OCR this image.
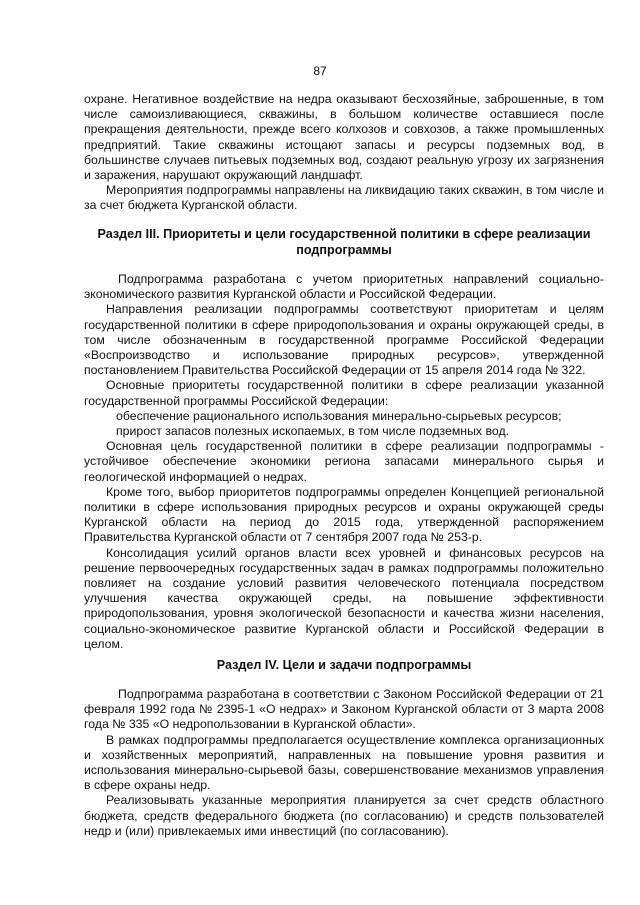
87

охране. Негативное воздействие на недра оказывают бесхозяйные, заброшенные, в том числе самоизливающиеся, скважины, в большом количестве оставшиеся после прекращения деятельности, прежде всего колхозов и совхозов, а также промышленных предприятий. Такие скважины истощают запасы и ресурсы подземных вод, в большинстве случаев питьевых подземных вод, создают реальную угрозу их загрязнения и заражения, нарушают окружающий ландшафт.

Мероприятия подпрограммы направлены на ликвидацию таких скважин, в том числе и за счет бюджета Курганской области.

Раздел III. Приоритеты и цели государственной политики в сфере реализации подпрограммы

Подпрограмма разработана с учетом приоритетных направлений социально-экономического развития Курганской области и Российской Федерации.

Направления реализации подпрограммы соответствуют приоритетам и целям государственной политики в сфере природопользования и охраны окружающей среды, в том числе обозначенным в государственной программе Российской Федерации «Воспроизводство и использование природных ресурсов», утвержденной постановлением Правительства Российской Федерации от 15 апреля 2014 года № 322.

Основные приоритеты государственной политики в сфере реализации указанной государственной программы Российской Федерации:

обеспечение рационального использования минерально-сырьевых ресурсов;

прирост запасов полезных ископаемых, в том числе подземных вод.

Основная цель государственной политики в сфере реализации подпрограммы - устойчивое обеспечение экономики региона запасами минерального сырья и геологической информацией о недрах.

Кроме того, выбор приоритетов подпрограммы определен Концепцией региональной политики в сфере использования природных ресурсов и охраны окружающей среды Курганской области на период до 2015 года, утвержденной распоряжением Правительства Курганской области от 7 сентября 2007 года № 253-р.

Консолидация усилий органов власти всех уровней и финансовых ресурсов на решение первоочередных государственных задач в рамках подпрограммы положительно повлияет на создание условий развития человеческого потенциала посредством улучшения качества окружающей среды, на повышение эффективности природопользования, уровня экологической безопасности и качества жизни населения, социально-экономическое развитие Курганской области и Российской Федерации в целом.

Раздел IV. Цели и задачи подпрограммы

Подпрограмма разработана в соответствии с Законом Российской Федерации от 21 февраля 1992 года № 2395-1 «О недрах» и Законом Курганской области от 3 марта 2008 года № 335 «О недропользовании в Курганской области».

В рамках подпрограммы предполагается осуществление комплекса организационных и хозяйственных мероприятий, направленных на повышение уровня развития и использования минерально-сырьевой базы, совершенствование механизмов управления в сфере охраны недр.

Реализовывать указанные мероприятия планируется за счет средств областного бюджета, средств федерального бюджета (по согласованию) и средств пользователей недр и (или) привлекаемых ими инвестиций (по согласованию).
